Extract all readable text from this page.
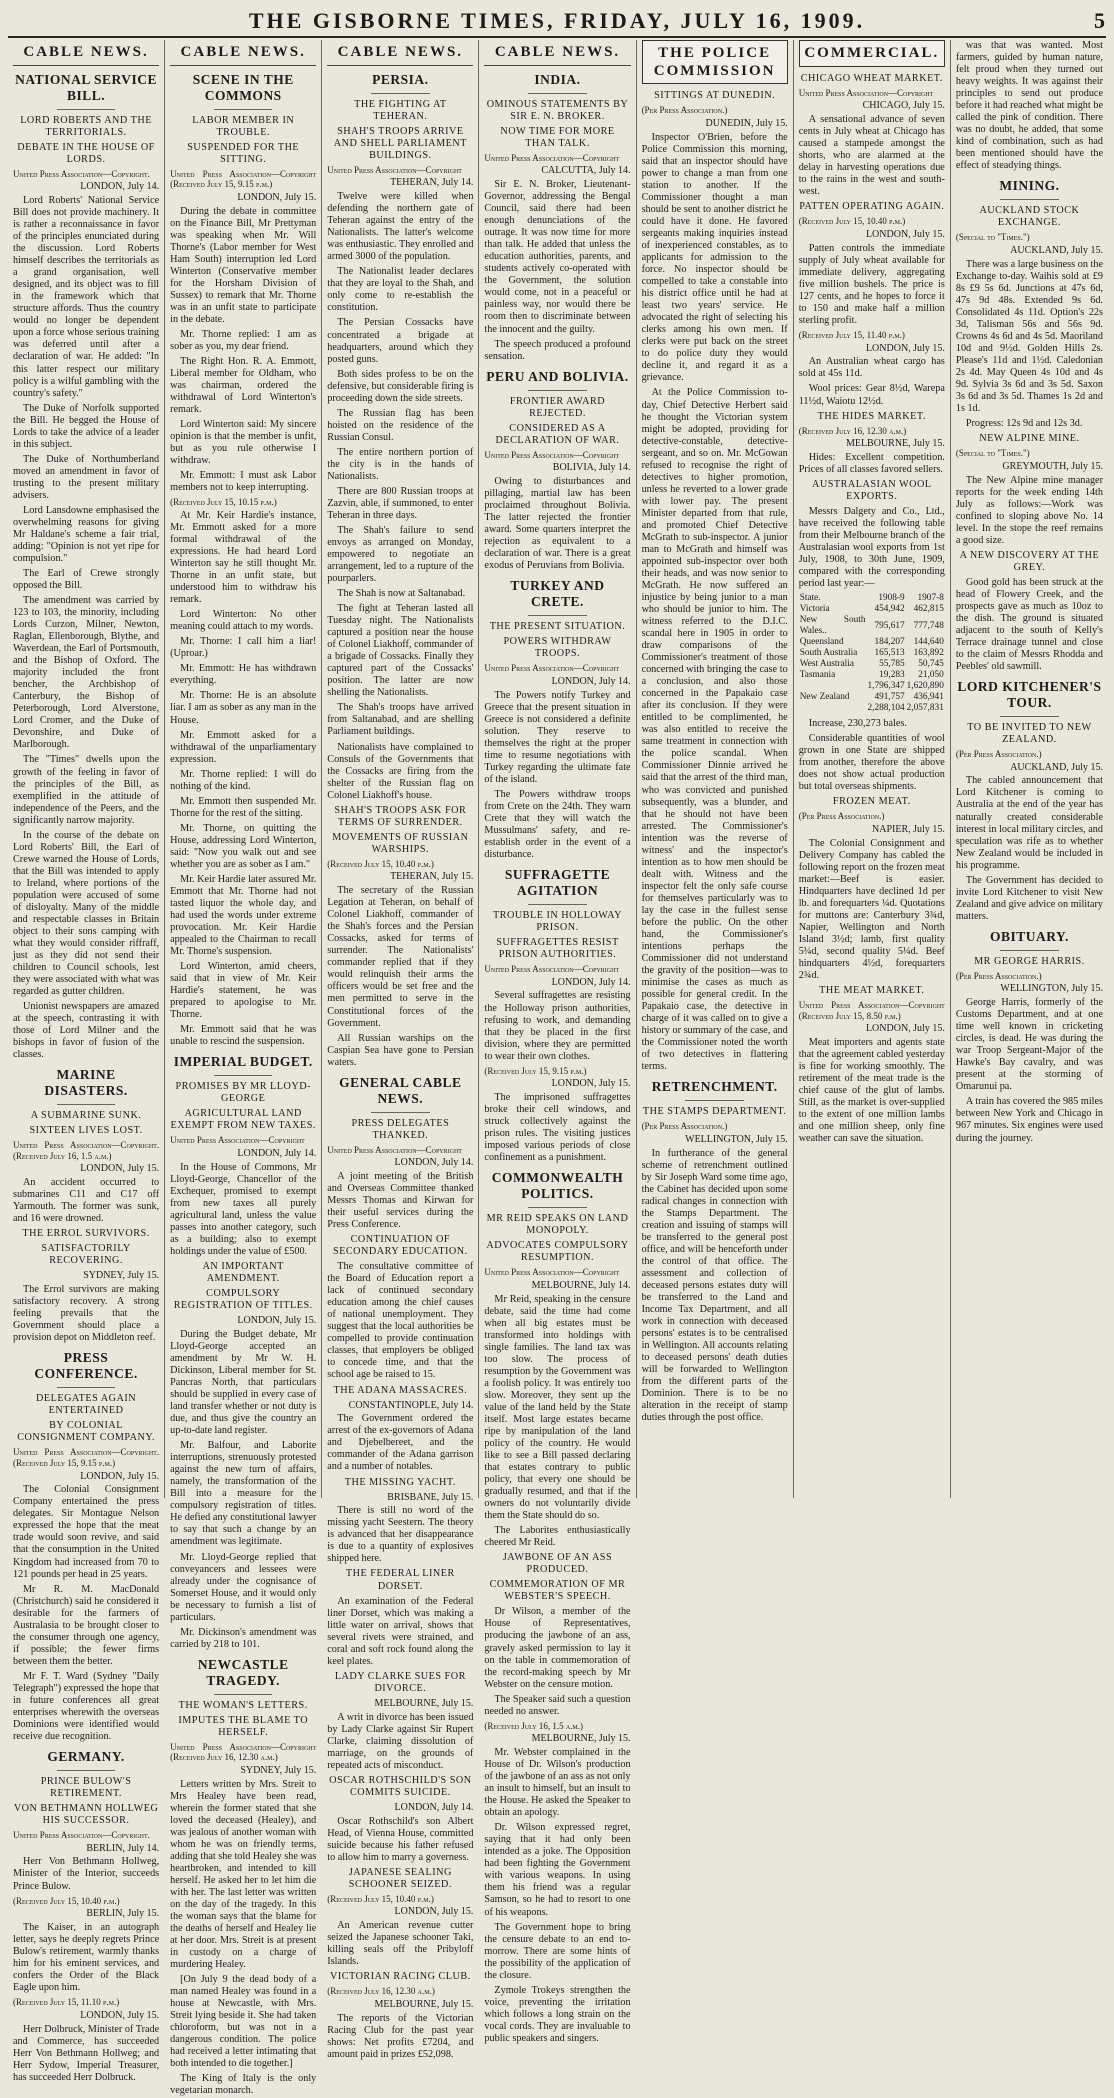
THE GISBORNE TIMES, FRIDAY, JULY 16, 1909.	5
CABLE NEWS.
NATIONAL SERVICE BILL.
LORD ROBERTS AND THE TERRITORIALS.
DEBATE IN THE HOUSE OF LORDS.

United Press Association—Copyright.

LONDON, July 14.

Lord Roberts' National Service Bill does not provide machinery. It is rather a reconnaissance in favor of the principles enunciated during the discussion. Lord Roberts himself describes the territorials as a grand organisation, well designed, and its object was to fill in the framework which that structure affords. Thus the country would no longer be dependent upon a force whose serious training was deferred until after a declaration of war. He added: "In this latter respect our military policy is a wilful gambling with the country's safety."

The Duke of Norfolk supported the Bill. He begged the House of Lords to take the advice of a leader in this subject.

The Duke of Northumberland moved an amendment in favor of trusting to the present military advisers.

Lord Lansdowne emphasised the overwhelming reasons for giving Mr Haldane's scheme a fair trial, adding: "Opinion is not yet ripe for compulsion."

The Earl of Crewe strongly opposed the Bill.

The amendment was carried by 123 to 103, the minority, including Lords Curzon, Milner, Newton, Raglan, Ellenborough, Blythe, and Waverdean, the Earl of Portsmouth, and the Bishop of Oxford. The majority included the front bencher, the Archbishop of Canterbury, the Bishop of Peterborough, Lord Alverstone, Lord Cromer, and the Duke of Devonshire, and Duke of Marlborough.

The "Times" dwells upon the growth of the feeling in favor of the principles of the Bill, as exemplified in the attitude of independence of the Peers, and the significantly narrow majority.

In the course of the debate on Lord Roberts' Bill, the Earl of Crewe warned the House of Lords, that the Bill was intended to apply to Ireland, where portions of the population were accused of some of disloyalty. Many of the middle and respectable classes in Britain object to their sons camping with what they would consider riffraff, just as they did not send their children to Council schools, lest they were associated with what was regarded as gutter children.

Unionist newspapers are amazed at the speech, contrasting it with those of Lord Milner and the bishops in favor of fusion of the classes.

MARINE DISASTERS.
A SUBMARINE SUNK.
SIXTEEN LIVES LOST.

United Press Association—Copyright. (Received July 16, 1.5 a.m.)

LONDON, July 15.

An accident occurred to submarines C11 and C17 off Yarmouth. The former was sunk, and 16 were drowned.

THE ERROL SURVIVORS.
SATISFACTORILY RECOVERING.
SYDNEY, July 15.

The Errol survivors are making satisfactory recovery. A strong feeling prevails that the Government should place a provision depot on Middleton reef.

PRESS CONFERENCE.
DELEGATES AGAIN ENTERTAINED
BY COLONIAL CONSIGNMENT COMPANY.

United Press Association—Copyright. (Received July 15, 9.15 p.m.)

LONDON, July 15.

The Colonial Consignment Company entertained the press delegates. Sir Montague Nelson expressed the hope that the meat trade would soon revive, and said that the consumption in the United Kingdom had increased from 70 to 121 pounds per head in 25 years.

Mr R. M. MacDonald (Christchurch) said he considered it desirable for the farmers of Australasia to be brought closer to the consumer through one agency, if possible; the fewer firms between them the better.

Mr F. T. Ward (Sydney "Daily Telegraph") expressed the hope that in future conferences all great enterprises wherewith the overseas Dominions were identified would receive due recognition.

GERMANY.
PRINCE BULOW'S RETIREMENT.
VON BETHMANN HOLLWEG HIS SUCCESSOR.

United Press Association—Copyright.

BERLIN, July 14.

Herr Von Bethmann Hollweg, Minister of the Interior, succeeds Prince Bulow.

(Received July 15, 10.40 p.m.)

BERLIN, July 15.

The Kaiser, in an autograph letter, says he deeply regrets Prince Bulow's retirement, warmly thanks him for his eminent services, and confers the Order of the Black Eagle upon him.

(Received July 15, 11.10 p.m.)

LONDON, July 15.

Herr Dolbruck, Minister of Trade and Commerce, has succeeded Herr Von Bethmann Hollweg; and Herr Sydow, Imperial Treasurer, has succeeded Herr Dolbruck.

CABLE NEWS.
SCENE IN THE COMMONS
LABOR MEMBER IN TROUBLE.
SUSPENDED FOR THE SITTING.

United Press Association—Copyright (Received July 15, 9.15 p.m.)

LONDON, July 15.

During the debate in committee on the Finance Bill, Mr Prettyman was speaking when Mr. Will Thorne's (Labor member for West Ham South) interruption led Lord Winterton (Conservative member for the Horsham Division of Sussex) to remark that Mr. Thorne was in an unfit state to participate in the debate.

Mr. Thorne replied: I am as sober as you, my dear friend.

The Right Hon. R. A. Emmott, Liberal member for Oldham, who was chairman, ordered the withdrawal of Lord Winterton's remark.

Lord Winterton said: My sincere opinion is that the member is unfit, but as you rule otherwise I withdraw.

Mr. Emmott: I must ask Labor members not to keep interrupting.

(Received July 15, 10.15 p.m.)

At Mr. Keir Hardie's instance, Mr. Emmott asked for a more formal withdrawal of the expressions. He had heard Lord Winterton say he still thought Mr. Thorne in an unfit state, but understood him to withdraw his remark.

Lord Winterton: No other meaning could attach to my words.

Mr. Thorne: I call him a liar! (Uproar.)

Mr. Emmott: He has withdrawn everything.

Mr. Thorne: He is an absolute liar. I am as sober as any man in the House.

Mr. Emmott asked for a withdrawal of the unparliamentary expression.

Mr. Thorne replied: I will do nothing of the kind.

Mr. Emmott then suspended Mr. Thorne for the rest of the sitting.

Mr. Thorne, on quitting the House, addressing Lord Winterton, said: "Now you walk out and see whether you are as sober as I am."

Mr. Keir Hardie later assured Mr. Emmott that Mr. Thorne had not tasted liquor the whole day, and had used the words under extreme provocation. Mr. Keir Hardie appealed to the Chairman to recall Mr. Thorne's suspension.

Lord Winterton, amid cheers, said that in view of Mr. Keir Hardie's statement, he was prepared to apologise to Mr. Thorne.

Mr. Emmott said that he was unable to rescind the suspension.

IMPERIAL BUDGET.
PROMISES BY MR LLOYD-GEORGE
AGRICULTURAL LAND EXEMPT FROM NEW TAXES.

United Press Association—Copyright

LONDON, July 14.

In the House of Commons, Mr Lloyd-George, Chancellor of the Exchequer, promised to exempt from new taxes all purely agricultural land, unless the value passes into another category, such as a building; also to exempt holdings under the value of £500.

AN IMPORTANT AMENDMENT.
COMPULSORY REGISTRATION OF TITLES.
LONDON, July 15.

During the Budget debate, Mr Lloyd-George accepted an amendment by Mr W. H. Dickinson, Liberal member for St. Pancras North, that particulars should be supplied in every case of land transfer whether or not duty is due, and thus give the country an up-to-date land register.

Mr. Balfour, and Laborite interruptions, strenuously protested against the new turn of affairs, namely, the transformation of the Bill into a measure for the compulsory registration of titles. He defied any constitutional lawyer to say that such a change by an amendment was legitimate.

Mr. Lloyd-George replied that conveyancers and lessees were already under the cognisance of Somerset House, and it would only be necessary to furnish a list of particulars.

Mr. Dickinson's amendment was carried by 218 to 101.

NEWCASTLE TRAGEDY.
THE WOMAN'S LETTERS.
IMPUTES THE BLAME TO HERSELF.

United Press Association—Copyright (Received July 16, 12.30 a.m.)

SYDNEY, July 15.

Letters written by Mrs. Streit to Mrs Healey have been read, wherein the former stated that she loved the deceased (Healey), and was jealous of another woman with whom he was on friendly terms, adding that she told Healey she was heartbroken, and intended to kill herself. He asked her to let him die with her. The last letter was written on the day of the tragedy. In this the woman says that the blame for the deaths of herself and Healey lie at her door. Mrs. Streit is at present in custody on a charge of murdering Healey.

[On July 9 the dead body of a man named Healey was found in a house at Newcastle, with Mrs. Streit lying beside it. She had taken chloroform, but was not in a dangerous condition. The police had received a letter intimating that both intended to die together.]

The King of Italy is the only vegetarian monarch.

CABLE NEWS.
PERSIA.
THE FIGHTING AT TEHERAN.
SHAH'S TROOPS ARRIVE AND SHELL PARLIAMENT BUILDINGS.

United Press Association—Copyright

TEHERAN, July 14.

Twelve were killed when defending the northern gate of Teheran against the entry of the Nationalists. The latter's welcome was enthusiastic. They enrolled and armed 3000 of the population.

The Nationalist leader declares that they are loyal to the Shah, and only come to re-establish the constitution.

The Persian Cossacks have concentrated a brigade at headquarters, around which they posted guns.

Both sides profess to be on the defensive, but considerable firing is proceeding down the side streets.

The Russian flag has been hoisted on the residence of the Russian Consul.

The entire northern portion of the city is in the hands of Nationalists.

There are 800 Russian troops at Zazvin, able, if summoned, to enter Teheran in three days.

The Shah's failure to send envoys as arranged on Monday, empowered to negotiate an arrangement, led to a rupture of the pourparlers.

The Shah is now at Saltanabad.

The fight at Teheran lasted all Tuesday night. The Nationalists captured a position near the house of Colonel Liakhoff, commander of a brigade of Cossacks. Finally they captured part of the Cossacks' position. The latter are now shelling the Nationalists.

The Shah's troops have arrived from Saltanabad, and are shelling Parliament buildings.

Nationalists have complained to Consuls of the Governments that the Cossacks are firing from the shelter of the Russian flag on Colonel Liakhoff's house.

SHAH'S TROOPS ASK FOR TERMS OF SURRENDER.
MOVEMENTS OF RUSSIAN WARSHIPS.

(Received July 15, 10.40 p.m.)

TEHERAN, July 15.

The secretary of the Russian Legation at Teheran, on behalf of Colonel Liakhoff, commander of the Shah's forces and the Persian Cossacks, asked for terms of surrender. The Nationalists' commander replied that if they would relinquish their arms the officers would be set free and the men permitted to serve in the Constitutional forces of the Government.

All Russian warships on the Caspian Sea have gone to Persian waters.

GENERAL CABLE NEWS.
PRESS DELEGATES THANKED.

United Press Association—Copyright

LONDON, July 14.

A joint meeting of the British and Overseas Committee thanked Messrs Thomas and Kirwan for their useful services during the Press Conference.

CONTINUATION OF SECONDARY EDUCATION.

The consultative committee of the Board of Education report a lack of continued secondary education among the chief causes of national unemployment. They suggest that the local authorities be compelled to provide continuation classes, that employers be obliged to concede time, and that the school age be raised to 15.

THE ADANA MASSACRES.
CONSTANTINOPLE, July 14.

The Government ordered the arrest of the ex-governors of Adana and Djebelbereet, and the commander of the Adana garrison and a number of notables.

THE MISSING YACHT.
BRISBANE, July 15.

There is still no word of the missing yacht Seestern. The theory is advanced that her disappearance is due to a quantity of explosives shipped here.

THE FEDERAL LINER DORSET.

An examination of the Federal liner Dorset, which was making a little water on arrival, shows that several rivets were strained, and coral and soft rock found along the keel plates.

LADY CLARKE SUES FOR DIVORCE.
MELBOURNE, July 15.

A writ in divorce has been issued by Lady Clarke against Sir Rupert Clarke, claiming dissolution of marriage, on the grounds of repeated acts of misconduct.

OSCAR ROTHSCHILD'S SON COMMITS SUICIDE.
LONDON, July 14.

Oscar Rothschild's son Albert Head, of Vienna House, committed suicide because his father refused to allow him to marry a governess.

JAPANESE SEALING SCHOONER SEIZED.

(Received July 15, 10.40 p.m.)

LONDON, July 15.

An American revenue cutter seized the Japanese schooner Taki, killing seals off the Pribyloff Islands.

VICTORIAN RACING CLUB.

(Received July 16, 12.30 a.m.)

MELBOURNE, July 15.

The reports of the Victorian Racing Club for the past year shows: Net profits £7204, and amount paid in prizes £52,098.

CABLE NEWS.
INDIA.
OMINOUS STATEMENTS BY SIR E. N. BROKER.
NOW TIME FOR MORE THAN TALK.

United Press Association—Copyright

CALCUTTA, July 14.

Sir E. N. Broker, Lieutenant-Governor, addressing the Bengal Council, said there had been enough denunciations of the outrage. It was now time for more than talk. He added that unless the education authorities, parents, and students actively co-operated with the Government, the solution would come, not in a peaceful or painless way, nor would there be room then to discriminate between the innocent and the guilty.

The speech produced a profound sensation.

PERU AND BOLIVIA.
FRONTIER AWARD REJECTED.
CONSIDERED AS A DECLARATION OF WAR.

United Press Association—Copyright

BOLIVIA, July 14.

Owing to disturbances and pillaging, martial law has been proclaimed throughout Bolivia. The latter rejected the frontier award. Some quarters interpret the rejection as equivalent to a declaration of war. There is a great exodus of Peruvians from Bolivia.

TURKEY AND CRETE.
THE PRESENT SITUATION.
POWERS WITHDRAW TROOPS.

United Press Association—Copyright

LONDON, July 14.

The Powers notify Turkey and Greece that the present situation in Greece is not considered a definite solution. They reserve to themselves the right at the proper time to resume negotiations with Turkey regarding the ultimate fate of the island.

The Powers withdraw troops from Crete on the 24th. They warn Crete that they will watch the Mussulmans' safety, and re-establish order in the event of a disturbance.

SUFFRAGETTE AGITATION
TROUBLE IN HOLLOWAY PRISON.
SUFFRAGETTES RESIST PRISON AUTHORITIES.

United Press Association—Copyright

LONDON, July 14.

Several suffragettes are resisting the Holloway prison authorities, refusing to work, and demanding that they be placed in the first division, where they are permitted to wear their own clothes.

(Received July 15, 9.15 p.m.)

LONDON, July 15.

The imprisoned suffragettes broke their cell windows, and struck collectively against the prison rules. The visiting justices imposed various periods of close confinement as a punishment.

COMMONWEALTH POLITICS.
MR REID SPEAKS ON LAND MONOPOLY.
ADVOCATES COMPULSORY RESUMPTION.

United Press Association—Copyright

MELBOURNE, July 14.

Mr Reid, speaking in the censure debate, said the time had come when all big estates must be transformed into holdings with single families. The land tax was too slow. The process of resumption by the Government was a foolish policy. It was entirely too slow. Moreover, they sent up the value of the land held by the State itself. Most large estates became ripe by manipulation of the land policy of the country. He would like to see a Bill passed declaring that estates contrary to public policy, that every one should be gradually resumed, and that if the owners do not voluntarily divide them the State should do so.

The Laborites enthusiastically cheered Mr Reid.

JAWBONE OF AN ASS PRODUCED.
COMMEMORATION OF MR WEBSTER'S SPEECH.

Dr Wilson, a member of the House of Representatives, producing the jawbone of an ass, gravely asked permission to lay it on the table in commemoration of the record-making speech by Mr Webster on the censure motion.

The Speaker said such a question needed no answer.

(Received July 16, 1.5 a.m.)

MELBOURNE, July 15.

Mr. Webster complained in the House of Dr. Wilson's production of the jawbone of an ass as not only an insult to himself, but an insult to the House. He asked the Speaker to obtain an apology.

Dr. Wilson expressed regret, saying that it had only been intended as a joke. The Opposition had been fighting the Government with various weapons. In using them his friend was a regular Samson, so he had to resort to one of his weapons.

The Government hope to bring the censure debate to an end to-morrow. There are some hints of the possibility of the application of the closure.

Zymole Trokeys strengthen the voice, preventing the irritation which follows a long strain on the vocal cords. They are invaluable to public speakers and singers.

THE POLICE COMMISSION
SITTINGS AT DUNEDIN.

(Per Press Association.)

DUNEDIN, July 15.

Inspector O'Brien, before the Police Commission this morning, said that an inspector should have power to change a man from one station to another. If the Commissioner thought a man should be sent to another district he could have it done. He favored sergeants making inquiries instead of inexperienced constables, as to applicants for admission to the force. No inspector should be compelled to take a constable into his district office until he had at least two years' service. He advocated the right of selecting his clerks among his own men. If clerks were put back on the street to do police duty they would decline it, and regard it as a grievance.

At the Police Commission to-day, Chief Detective Herbert said he thought the Victorian system might be adopted, providing for detective-constable, detective-sergeant, and so on. Mr. McGowan refused to recognise the right of detectives to higher promotion, unless he reverted to a lower grade with lower pay. The present Minister departed from that rule, and promoted Chief Detective McGrath to sub-inspector. A junior man to McGrath and himself was appointed sub-inspector over both their heads, and was now senior to McGrath. He now suffered an injustice by being junior to a man who should be junior to him. The witness referred to the D.I.C. scandal here in 1905 in order to draw comparisons of the Commissioner's treatment of those concerned with bringing the case to a conclusion, and also those concerned in the Papakaio case after its conclusion. If they were entitled to be complimented, he was also entitled to receive the same treatment in connection with the police scandal. When Commissioner Dinnie arrived he said that the arrest of the third man, who was convicted and punished subsequently, was a blunder, and that he should not have been arrested. The Commissioner's intention was the reverse of witness' and the inspector's intention as to how men should be dealt with. Witness and the inspector felt the only safe course for themselves particularly was to lay the case in the fullest sense before the public. On the other hand, the Commissioner's intentions perhaps the Commissioner did not understand the gravity of the position—was to minimise the cases as much as possible for general credit. In the Papakaio case, the detective in charge of it was called on to give a history or summary of the case, and the Commissioner noted the worth of two detectives in flattering terms.

RETRENCHMENT.
THE STAMPS DEPARTMENT.

(Per Press Association.)

WELLINGTON, July 15.

In furtherance of the general scheme of retrenchment outlined by Sir Joseph Ward some time ago, the Cabinet has decided upon some radical changes in connection with the Stamps Department. The creation and issuing of stamps will be transferred to the general post office, and will be henceforth under the control of that office. The assessment and collection of deceased persons estates duty will be transferred to the Land and Income Tax Department, and all work in connection with deceased persons' estates is to be centralised in Wellington. All accounts relating to deceased persons' death duties will be forwarded to Wellington from the different parts of the Dominion. There is to be no alteration in the receipt of stamp duties through the post office.

COMMERCIAL.
CHICAGO WHEAT MARKET.

United Press Association—Copyright

CHICAGO, July 15.

A sensational advance of seven cents in July wheat at Chicago has caused a stampede amongst the shorts, who are alarmed at the delay in harvesting operations due to the rains in the west and south-west.

PATTEN OPERATING AGAIN.

(Received July 15, 10.40 p.m.)

LONDON, July 15.

Patten controls the immediate supply of July wheat available for immediate delivery, aggregating five million bushels. The price is 127 cents, and he hopes to force it to 150 and make half a million sterling profit.

(Received July 15, 11.40 p.m.)

LONDON, July 15.

An Australian wheat cargo has sold at 45s 11d.

Wool prices: Gear 8½d, Warepa 11½d, Waiotu 12½d.

THE HIDES MARKET.

(Received July 16, 12.30 a.m.)

MELBOURNE, July 15.

Hides: Excellent competition. Prices of all classes favored sellers.

AUSTRALASIAN WOOL EXPORTS.

Messrs Dalgety and Co., Ltd., have received the following table from their Melbourne branch of the Australasian wool exports from 1st July, 1908, to 30th June, 1909, compared with the corresponding period last year:—

State.	1908-9	1907-8
Victoria	454,942	462,815
New South Wales..	795,617	777,748
Queensland	184,207	144,640
South Australia	165,513	163,892
West Australia	55,785	50,745
Tasmania	19,283	21,050
	1,796,347	1,620,890
New Zealand	491,757	436,941
	2,288,104	2,057,831

Increase, 230,273 bales.

Considerable quantities of wool grown in one State are shipped from another, therefore the above does not show actual production but total overseas shipments.

FROZEN MEAT.

(Per Press Association.)

NAPIER, July 15.

The Colonial Consignment and Delivery Company has cabled the following report on the frozen meat market:—Beef is easier. Hindquarters have declined 1d per lb. and forequarters ¼d. Quotations for muttons are: Canterbury 3¾d, Napier, Wellington and North Island 3½d; lamb, first quality 5¼d, second quality 5¼d. Beef hindquarters 4½d, forequarters 2¾d.

THE MEAT MARKET.

United Press Association—Copyright (Received July 15, 8.50 p.m.)

LONDON, July 15.

Meat importers and agents state that the agreement cabled yesterday is fine for working smoothly. The retirement of the meat trade is the chief cause of the glut of lambs. Still, as the market is over-supplied to the extent of one million lambs and one million sheep, only fine weather can save the situation.

was that was wanted. Most farmers, guided by human nature, felt proud when they turned out heavy weights. It was against their principles to send out produce before it had reached what might be called the pink of condition. There was no doubt, he added, that some kind of combination, such as had been mentioned should have the effect of steadying things.

MINING.
AUCKLAND STOCK EXCHANGE.

(Special to "Times.")

AUCKLAND, July 15.

There was a large business on the Exchange to-day. Waihis sold at £9 8s £9 5s 6d. Junctions at 47s 6d, 47s 9d 48s. Extended 9s 6d. Consolidated 4s 11d. Option's 22s 3d, Talisman 56s and 56s 9d. Crowns 4s 6d and 4s 5d. Maoriland 10d and 9½d. Golden Hills 2s. Please's 11d and 1½d. Caledonian 2s 4d. May Queen 4s 10d and 4s 9d. Sylvia 3s 6d and 3s 5d. Saxon 3s 6d and 3s 5d. Thames 1s 2d and 1s 1d.

Progress: 12s 9d and 12s 3d.

NEW ALPINE MINE.

(Special to "Times.")

GREYMOUTH, July 15.

The New Alpine mine manager reports for the week ending 14th July as follows:—Work was confined to sloping above No. 14 level. In the stope the reef remains a good size.

A NEW DISCOVERY AT THE GREY.

Good gold has been struck at the head of Flowery Creek, and the prospects gave as much as 10oz to the dish. The ground is situated adjacent to the south of Kelly's Terrace drainage tunnel and close to the claim of Messrs Rhodda and Peebles' old sawmill.

LORD KITCHENER'S TOUR.
TO BE INVITED TO NEW ZEALAND.

(Per Press Association.)

AUCKLAND, July 15.

The cabled announcement that Lord Kitchener is coming to Australia at the end of the year has naturally created considerable interest in local military circles, and speculation was rife as to whether New Zealand would be included in his programme.

The Government has decided to invite Lord Kitchener to visit New Zealand and give advice on military matters.

OBITUARY.
MR GEORGE HARRIS.

(Per Press Association.)

WELLINGTON, July 15.

George Harris, formerly of the Customs Department, and at one time well known in cricketing circles, is dead. He was during the war Troop Sergeant-Major of the Hawke's Bay cavalry, and was present at the storming of Omarunui pa.

A train has covered the 985 miles between New York and Chicago in 967 minutes. Six engines were used during the journey.
